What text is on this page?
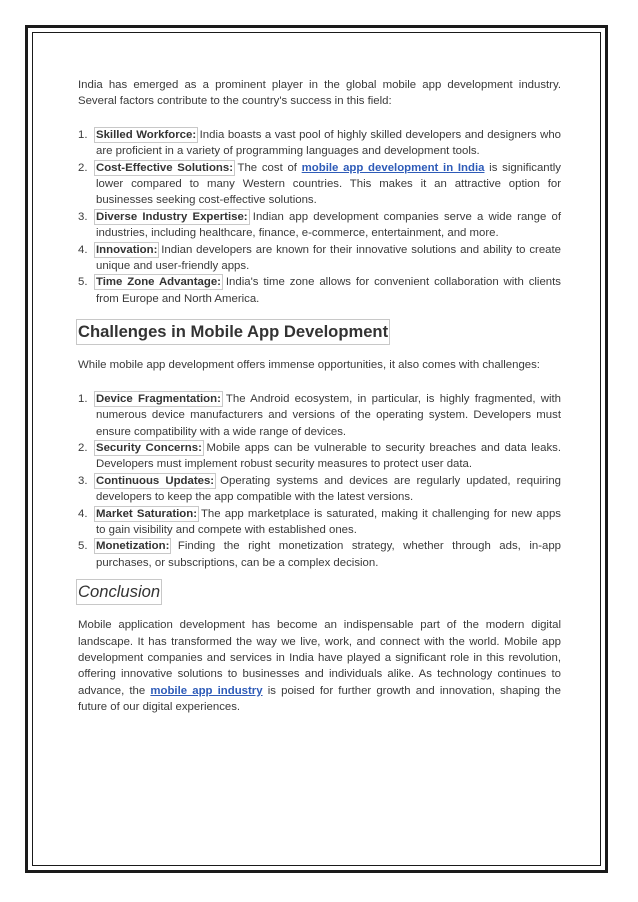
India has emerged as a prominent player in the global mobile app development industry. Several factors contribute to the country's success in this field:

1. Skilled Workforce: India boasts a vast pool of highly skilled developers and designers who are proficient in a variety of programming languages and development tools.
2. Cost-Effective Solutions: The cost of mobile app development in India is significantly lower compared to many Western countries. This makes it an attractive option for businesses seeking cost-effective solutions.
3. Diverse Industry Expertise: Indian app development companies serve a wide range of industries, including healthcare, finance, e-commerce, entertainment, and more.
4. Innovation: Indian developers are known for their innovative solutions and ability to create unique and user-friendly apps.
5. Time Zone Advantage: India's time zone allows for convenient collaboration with clients from Europe and North America.
Challenges in Mobile App Development

While mobile app development offers immense opportunities, it also comes with challenges:

1. Device Fragmentation: The Android ecosystem, in particular, is highly fragmented, with numerous device manufacturers and versions of the operating system. Developers must ensure compatibility with a wide range of devices.
2. Security Concerns: Mobile apps can be vulnerable to security breaches and data leaks. Developers must implement robust security measures to protect user data.
3. Continuous Updates: Operating systems and devices are regularly updated, requiring developers to keep the app compatible with the latest versions.
4. Market Saturation: The app marketplace is saturated, making it challenging for new apps to gain visibility and compete with established ones.
5. Monetization: Finding the right monetization strategy, whether through ads, in-app purchases, or subscriptions, can be a complex decision.
Conclusion

Mobile application development has become an indispensable part of the modern digital landscape. It has transformed the way we live, work, and connect with the world. Mobile app development companies and services in India have played a significant role in this revolution, offering innovative solutions to businesses and individuals alike. As technology continues to advance, the mobile app industry is poised for further growth and innovation, shaping the future of our digital experiences.
